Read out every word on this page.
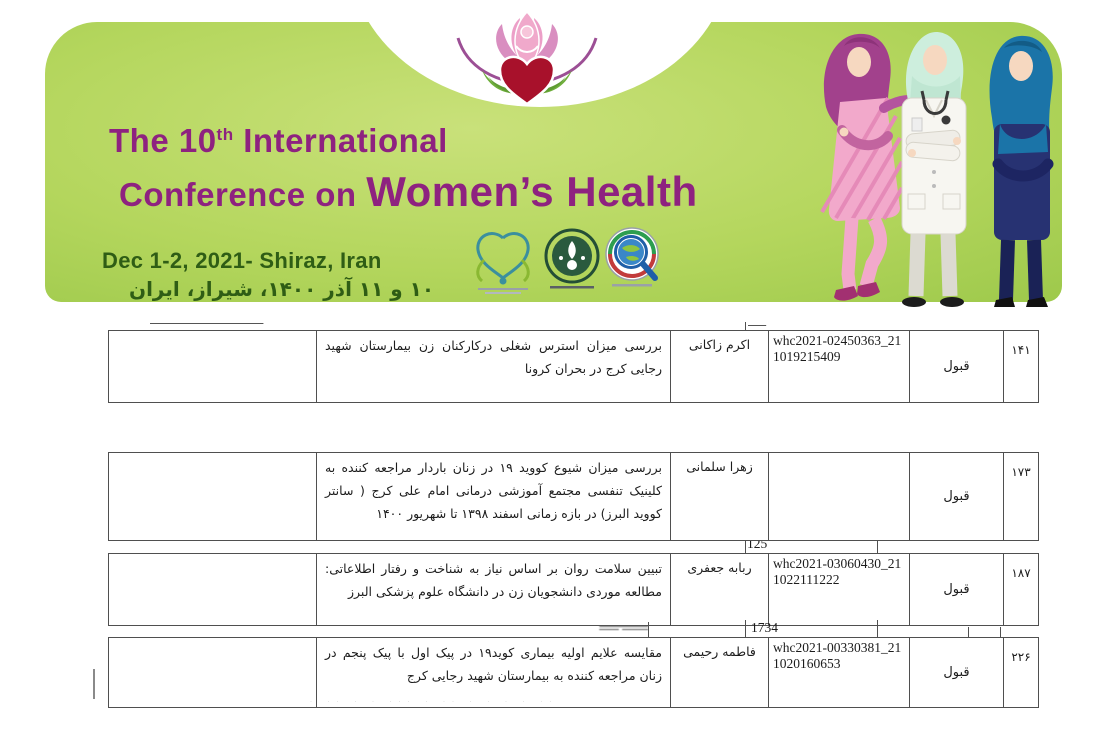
The 10th International
Conference on Women’s Health
Dec 1-2, 2021- Shiraz, Iran
۱۰ و ۱۱ آذر ۱۴۰۰، شیراز، ایران
—— — ——— ————————	—·—
	بررسی میزان استرس شغلی درکارکنان زن بیمارستان شهید رجایی کرج در بحران کرونا	اکرم زاکانی	whc2021-02450363_211019215409	قبول	۱۴۱
	بررسی میزان شیوع کووید ۱۹ در زنان باردار مراجعه کننده به کلینیک تنفسی مجتمع آموزشی درمانی امام علی کرج ( سانتر کووید البرز) در بازه زمانی اسفند ۱۳۹۸ تا شهریور ۱۴۰۰	زهرا سلمانی		قبول	۱۷۳
125
	تبیین سلامت روان بر اساس نیاز به شناخت و رفتار اطلاعاتی: مطالعه موردی دانشجویان زن در دانشگاه علوم پزشکی البرز	ربابه جعفری	whc2021-03060430_211022111222	قبول	۱۸۷
1734
ــــــــ ــــــ
	مقایسه علایم اولیه بیماری کوید۱۹ در پیک اول با پیک پنجم در زنان مراجعه کننده به بیمارستان شهید رجایی کرج	فاطمه رحیمی	whc2021-00330381_211020160653	قبول	۲۲۶
· ·· · · ··· · ·· · · · · ··
